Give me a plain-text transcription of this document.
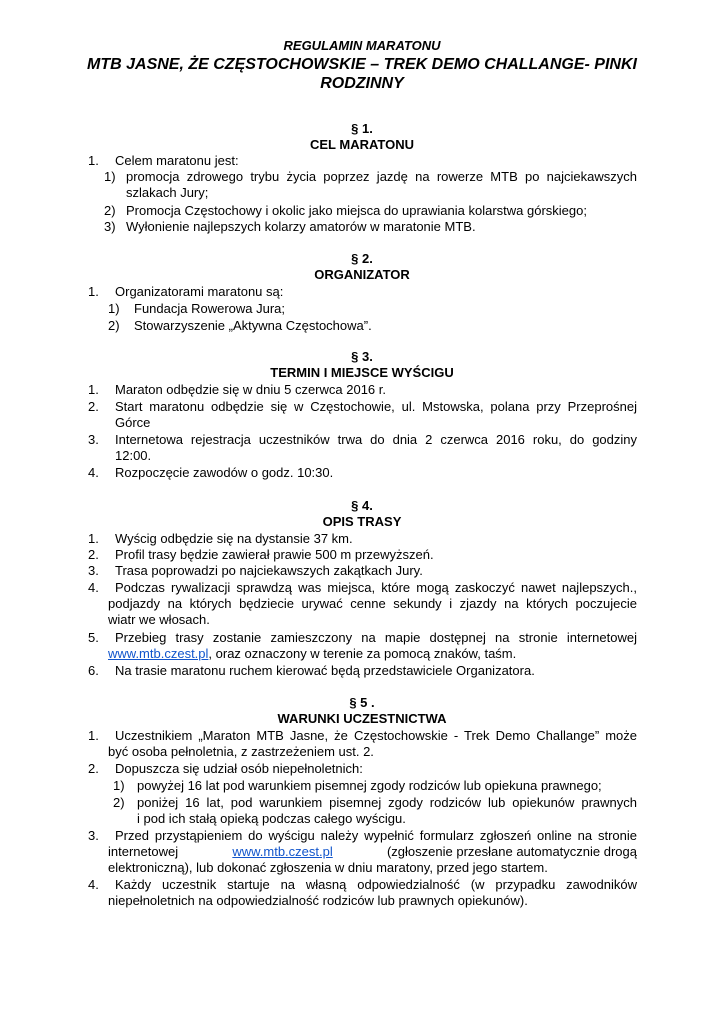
REGULAMIN MARATONU
MTB JASNE, ŻE CZĘSTOCHOWSKIE – TREK DEMO CHALLANGE- PINKI
RODZINNY
§ 1.
CEL MARATONU
1. Celem maratonu jest:
1) promocja zdrowego trybu życia poprzez jazdę na rowerze MTB po najciekawszych
szlakach Jury;
2) Promocja Częstochowy i okolic jako miejsca do uprawiania kolarstwa górskiego;
3) Wyłonienie najlepszych kolarzy amatorów w maratonie MTB.
§ 2.
ORGANIZATOR
1. Organizatorami maratonu są:
1) Fundacja Rowerowa Jura;
2) Stowarzyszenie „Aktywna Częstochowa”.
§ 3.
TERMIN I MIEJSCE WYŚCIGU
1. Maraton odbędzie się w dniu 5 czerwca 2016 r.
2. Start maratonu odbędzie się w Częstochowie, ul. Mstowska, polana przy Przeprośnej
Górce
3. Internetowa rejestracja uczestników trwa do dnia 2 czerwca 2016 roku, do godziny
12:00.
4. Rozpoczęcie zawodów o godz. 10:30.
§ 4.
OPIS TRASY
1. Wyścig odbędzie się na dystansie 37 km.
2. Profil trasy będzie zawierał prawie 500 m przewyższeń.
3. Trasa poprowadzi po najciekawszych zakątkach Jury.
4. Podczas rywalizacji sprawdzą was miejsca, które mogą zaskoczyć nawet najlepszych.,
podjazdy na których będziecie urywać cenne sekundy i zjazdy na których poczujecie
wiatr we włosach.
5. Przebieg trasy zostanie zamieszczony na mapie dostępnej na stronie internetowej
www.mtb.czest.pl, oraz oznaczony w terenie za pomocą znaków, taśm.
6. Na trasie maratonu ruchem kierować będą przedstawiciele Organizatora.
§ 5 .
WARUNKI UCZESTNICTWA
1. Uczestnikiem „Maraton MTB Jasne, że Częstochowskie - Trek Demo Challange” może
być osoba pełnoletnia, z zastrzeżeniem ust. 2.
2. Dopuszcza się udział osób niepełnoletnich:
1) powyżej 16 lat pod warunkiem pisemnej zgody rodziców lub opiekuna prawnego;
2) poniżej 16 lat, pod warunkiem pisemnej zgody rodziców lub opiekunów prawnych
i pod ich stałą opieką podczas całego wyścigu.
3. Przed przystąpieniem do wyścigu należy wypełnić formularz zgłoszeń online na stronie
internetowej	www.mtb.czest.pl	(zgłoszenie przesłane automatycznie drogą
elektroniczną), lub dokonać zgłoszenia w dniu maratony, przed jego startem.
4. Każdy uczestnik startuje na własną odpowiedzialność (w przypadku zawodników
niepełnoletnich na odpowiedzialność rodziców lub prawnych opiekunów).
